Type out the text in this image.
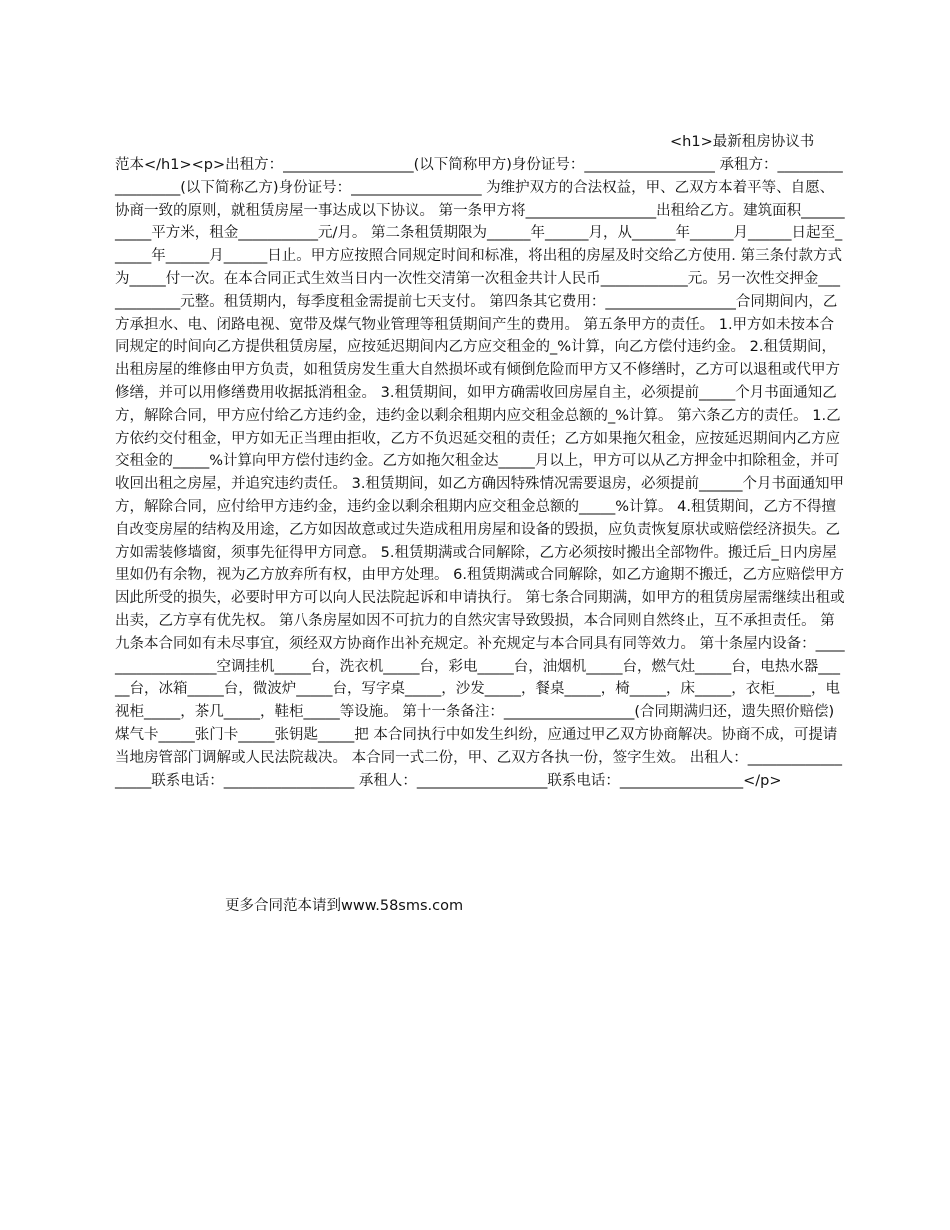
<h1>最新租房协议书
范本</h1><p>出租方：__________________(以下简称甲方)身份证号：__________________ 承租方：__________________(以下简称乙方)身份证号：__________________ 为维护双方的合法权益，甲、乙双方本着平等、自愿、协商一致的原则，就租赁房屋一事达成以下协议。 第一条甲方将__________________出租给乙方。建筑面积___________平方米，租金___________元/月。 第二条租赁期限为______年______月，从______年______月______日起至______年______月______日止。甲方应按照合同规定时间和标准，将出租的房屋及时交给乙方使用. 第三条付款方式为_____付一次。在本合同正式生效当日内一次性交清第一次租金共计人民币____________元。另一次性交押金____________元整。租赁期内，每季度租金需提前七天支付。 第四条其它费用：__________________合同期间内，乙方承担水、电、闭路电视、宽带及煤气物业管理等租赁期间产生的费用。 第五条甲方的责任。 1.甲方如未按本合同规定的时间向乙方提供租赁房屋，应按延迟期间内乙方应交租金的_%计算，向乙方偿付违约金。 2.租赁期间，出租房屋的维修由甲方负责，如租赁房发生重大自然损坏或有倾倒危险而甲方又不修缮时，乙方可以退租或代甲方修缮，并可以用修缮费用收据抵消租金。 3.租赁期间，如甲方确需收回房屋自主，必须提前_____个月书面通知乙方，解除合同，甲方应付给乙方违约金，违约金以剩余租期内应交租金总额的_%计算。 第六条乙方的责任。 1.乙方依约交付租金，甲方如无正当理由拒收，乙方不负迟延交租的责任；乙方如果拖欠租金，应按延迟期间内乙方应交租金的_____%计算向甲方偿付违约金。乙方如拖欠租金达_____月以上，甲方可以从乙方押金中扣除租金，并可收回出租之房屋，并追究违约责任。 3.租赁期间，如乙方确因特殊情况需要退房，必须提前______个月书面通知甲方，解除合同，应付给甲方违约金，违约金以剩余租期内应交租金总额的_____%计算。 4.租赁期间，乙方不得擅自改变房屋的结构及用途，乙方如因故意或过失造成租用房屋和设备的毁损，应负责恢复原状或赔偿经济损失。乙方如需装修墙窗，须事先征得甲方同意。 5.租赁期满或合同解除，乙方必须按时搬出全部物件。搬迁后_日内房屋里如仍有余物，视为乙方放弃所有权，由甲方处理。 6.租赁期满或合同解除，如乙方逾期不搬迁，乙方应赔偿甲方因此所受的损失，必要时甲方可以向人民法院起诉和申请执行。 第七条合同期满，如甲方的租赁房屋需继续出租或出卖，乙方享有优先权。 第八条房屋如因不可抗力的自然灾害导致毁损，本合同则自然终止，互不承担责任。 第九条本合同如有未尽事宜，须经双方协商作出补充规定。补充规定与本合同具有同等效力。 第十条屋内设备：__________________空调挂机_____台，洗衣机_____台，彩电_____台，油烟机_____台，燃气灶_____台，电热水器_____台，冰箱_____台，微波炉_____台，写字桌_____，沙发_____，餐桌_____，椅_____，床_____，衣柜_____，电视柜_____，茶几_____，鞋柜_____等设施。 第十一条备注：__________________(合同期满归还，遗失照价赔偿) 煤气卡_____张门卡_____张钥匙_____把 本合同执行中如发生纠纷，应通过甲乙双方协商解决。协商不成，可提请当地房管部门调解或人民法院裁决。 本合同一式二份，甲、乙双方各执一份，签字生效。 出租人：__________________联系电话：__________________ 承租人：__________________联系电话：_________________</p>
更多合同范本请到www.58sms.com
